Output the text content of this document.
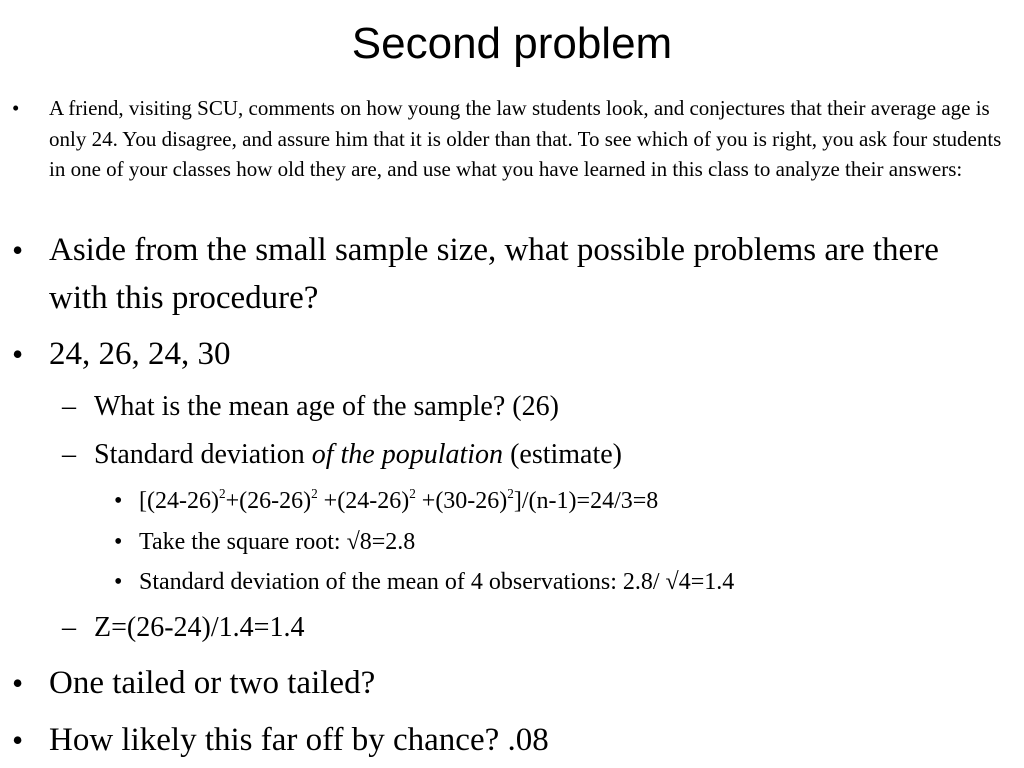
Second problem
• A friend, visiting SCU, comments on how young the law students look, and conjectures that their average age is only 24. You disagree, and assure him that it is older than that. To see which of you is right, you ask four students in one of your classes how old they are, and use what you have learned in this class to analyze their answers:
• Aside from the small sample size, what possible problems are there with this procedure?
• 24, 26, 24, 30
– What is the mean age of the sample? (26)
– Standard deviation of the population (estimate)
• $[(24-26)^2+(26-26)^2 +(24-26)^2 +(30-26)^2]/(n-1)=24/3=8$
• Take the square root: √8=2.8
• Standard deviation of the mean of 4 observations: 2.8/ √4=1.4
– Z=(26-24)/1.4=1.4
• One tailed or two tailed?
• How likely this far off by chance? .08
